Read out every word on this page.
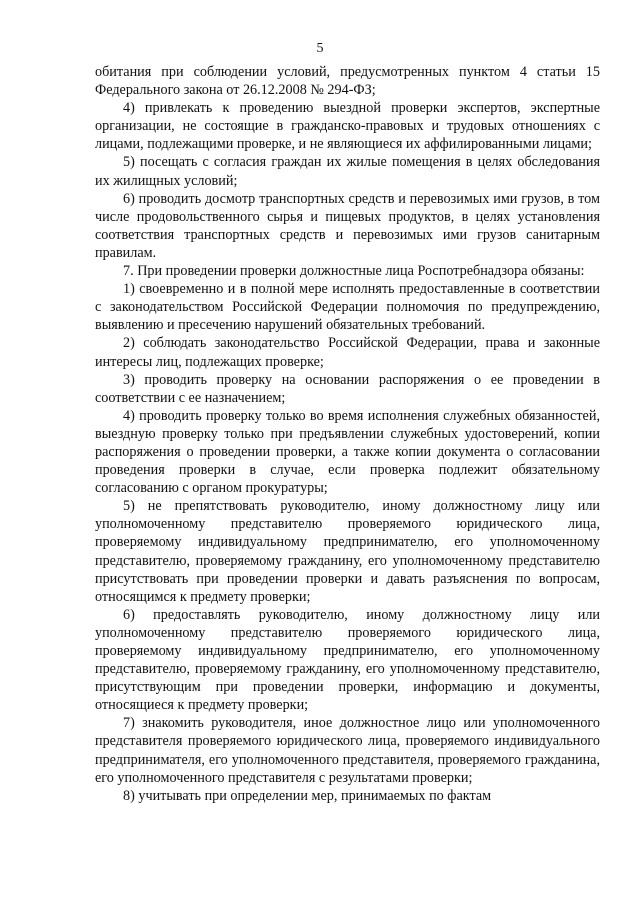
5

обитания при соблюдении условий, предусмотренных пунктом 4 статьи 15 Федерального закона от 26.12.2008 № 294-ФЗ;

4) привлекать к проведению выездной проверки экспертов, экспертные организации, не состоящие в гражданско-правовых и трудовых отношениях с лицами, подлежащими проверке, и не являющиеся их аффилированными лицами;

5) посещать с согласия граждан их жилые помещения в целях обследования их жилищных условий;

6) проводить досмотр транспортных средств и перевозимых ими грузов, в том числе продовольственного сырья и пищевых продуктов, в целях установления соответствия транспортных средств и перевозимых ими грузов санитарным правилам.

7. При проведении проверки должностные лица Роспотребнадзора обязаны:

1) своевременно и в полной мере исполнять предоставленные в соответствии с законодательством Российской Федерации полномочия по предупреждению, выявлению и пресечению нарушений обязательных требований.

2) соблюдать законодательство Российской Федерации, права и законные интересы лиц, подлежащих проверке;

3) проводить проверку на основании распоряжения о ее проведении в соответствии с ее назначением;

4) проводить проверку только во время исполнения служебных обязанностей, выездную проверку только при предъявлении служебных удостоверений, копии распоряжения о проведении проверки, а также копии документа о согласовании проведения проверки в случае, если проверка подлежит обязательному согласованию с органом прокуратуры;

5) не препятствовать руководителю, иному должностному лицу или уполномоченному представителю проверяемого юридического лица, проверяемому индивидуальному предпринимателю, его уполномоченному представителю, проверяемому гражданину, его уполномоченному представителю присутствовать при проведении проверки и давать разъяснения по вопросам, относящимся к предмету проверки;

6) предоставлять руководителю, иному должностному лицу или уполномоченному представителю проверяемого юридического лица, проверяемому индивидуальному предпринимателю, его уполномоченному представителю, проверяемому гражданину, его уполномоченному представителю, присутствующим при проведении проверки, информацию и документы, относящиеся к предмету проверки;

7) знакомить руководителя, иное должностное лицо или уполномоченного представителя проверяемого юридического лица, проверяемого индивидуального предпринимателя, его уполномоченного представителя, проверяемого гражданина, его уполномоченного представителя с результатами проверки;

8) учитывать при определении мер, принимаемых по фактам
